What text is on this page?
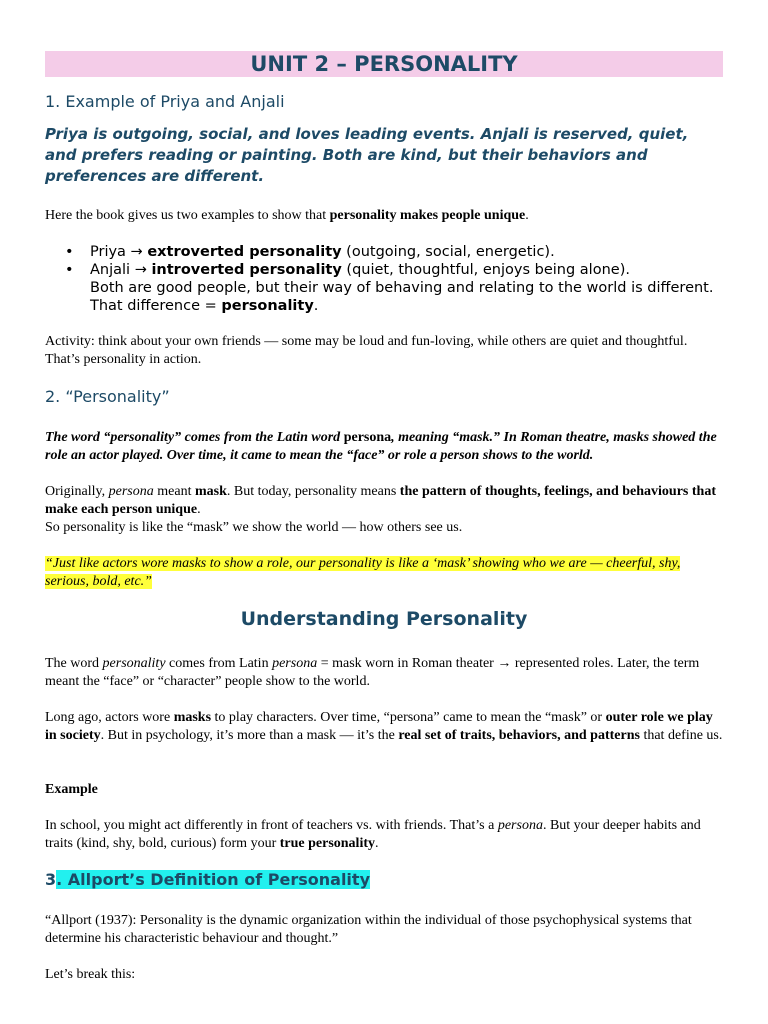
UNIT 2 – PERSONALITY
1. Example of Priya and Anjali
Priya is outgoing, social, and loves leading events. Anjali is reserved, quiet, and prefers reading or painting. Both are kind, but their behaviors and preferences are different.
Here the book gives us two examples to show that personality makes people unique.
• Priya → extroverted personality (outgoing, social, energetic).
• Anjali → introverted personality (quiet, thoughtful, enjoys being alone).
Both are good people, but their way of behaving and relating to the world is different. That difference = personality.
Activity: think about your own friends — some may be loud and fun-loving, while others are quiet and thoughtful. That’s personality in action.
2. “Personality”
The word “personality” comes from the Latin word persona, meaning “mask.” In Roman theatre, masks showed the role an actor played. Over time, it came to mean the “face” or role a person shows to the world.
Originally, persona meant mask. But today, personality means the pattern of thoughts, feelings, and behaviours that make each person unique.
So personality is like the “mask” we show the world — how others see us.
“Just like actors wore masks to show a role, our personality is like a ‘mask’ showing who we are — cheerful, shy, serious, bold, etc.”
Understanding Personality
The word personality comes from Latin persona = mask worn in Roman theater → represented roles. Later, the term meant the “face” or “character” people show to the world.
Long ago, actors wore masks to play characters. Over time, “persona” came to mean the “mask” or outer role we play in society. But in psychology, it’s more than a mask — it’s the real set of traits, behaviors, and patterns that define us.
Example
In school, you might act differently in front of teachers vs. with friends. That’s a persona. But your deeper habits and traits (kind, shy, bold, curious) form your true personality.
3. Allport’s Definition of Personality
“Allport (1937): Personality is the dynamic organization within the individual of those psychophysical systems that determine his characteristic behaviour and thought.”
Let’s break this:
